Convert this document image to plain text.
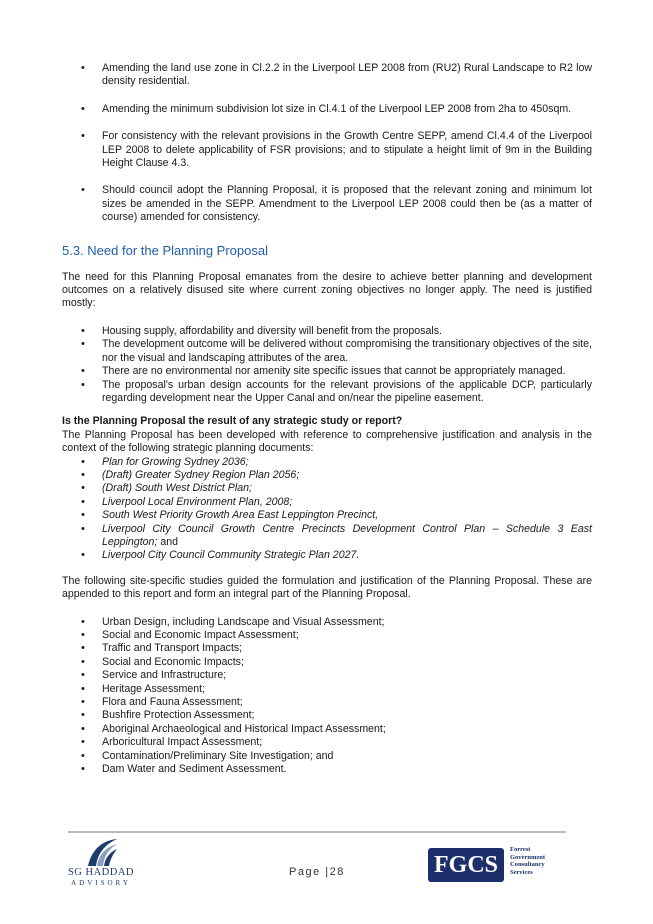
• Amending the land use zone in Cl.2.2 in the Liverpool LEP 2008 from (RU2) Rural Landscape to R2 low density residential.
• Amending the minimum subdivision lot size in Cl.4.1 of the Liverpool LEP 2008 from 2ha to 450sqm.
• For consistency with the relevant provisions in the Growth Centre SEPP, amend Cl.4.4 of the Liverpool LEP 2008 to delete applicability of FSR provisions; and to stipulate a height limit of 9m in the Building Height Clause 4.3.
• Should council adopt the Planning Proposal, it is proposed that the relevant zoning and minimum lot sizes be amended in the SEPP. Amendment to the Liverpool LEP 2008 could then be (as a matter of course) amended for consistency.
5.3. Need for the Planning Proposal

The need for this Planning Proposal emanates from the desire to achieve better planning and development outcomes on a relatively disused site where current zoning objectives no longer apply. The need is justified mostly:

• Housing supply, affordability and diversity will benefit from the proposals.
• The development outcome will be delivered without compromising the transitionary objectives of the site, nor the visual and landscaping attributes of the area.
• There are no environmental nor amenity site specific issues that cannot be appropriately managed.
• The proposal's urban design accounts for the relevant provisions of the applicable DCP, particularly regarding development near the Upper Canal and on/near the pipeline easement.

Is the Planning Proposal the result of any strategic study or report?

The Planning Proposal has been developed with reference to comprehensive justification and analysis in the context of the following strategic planning documents:

• Plan for Growing Sydney 2036;
• (Draft) Greater Sydney Region Plan 2056;
• (Draft) South West District Plan;
• Liverpool Local Environment Plan, 2008;
• South West Priority Growth Area East Leppington Precinct,
• Liverpool City Council Growth Centre Precincts Development Control Plan – Schedule 3 East Leppington; and
• Liverpool City Council Community Strategic Plan 2027.

The following site-specific studies guided the formulation and justification of the Planning Proposal. These are appended to this report and form an integral part of the Planning Proposal.

• Urban Design, including Landscape and Visual Assessment;
• Social and Economic Impact Assessment;
• Traffic and Transport Impacts;
• Social and Economic Impacts;
• Service and Infrastructure;
• Heritage Assessment;
• Flora and Fauna Assessment;
• Bushfire Protection Assessment;
• Aboriginal Archaeological and Historical Impact Assessment;
• Arboricultural Impact Assessment;
• Contamination/Preliminary Site Investigation; and
• Dam Water and Sediment Assessment.
SG HADDAD
ADVISORY
Page |28	FGCS
Forrest
Government
Consultancy
Services
